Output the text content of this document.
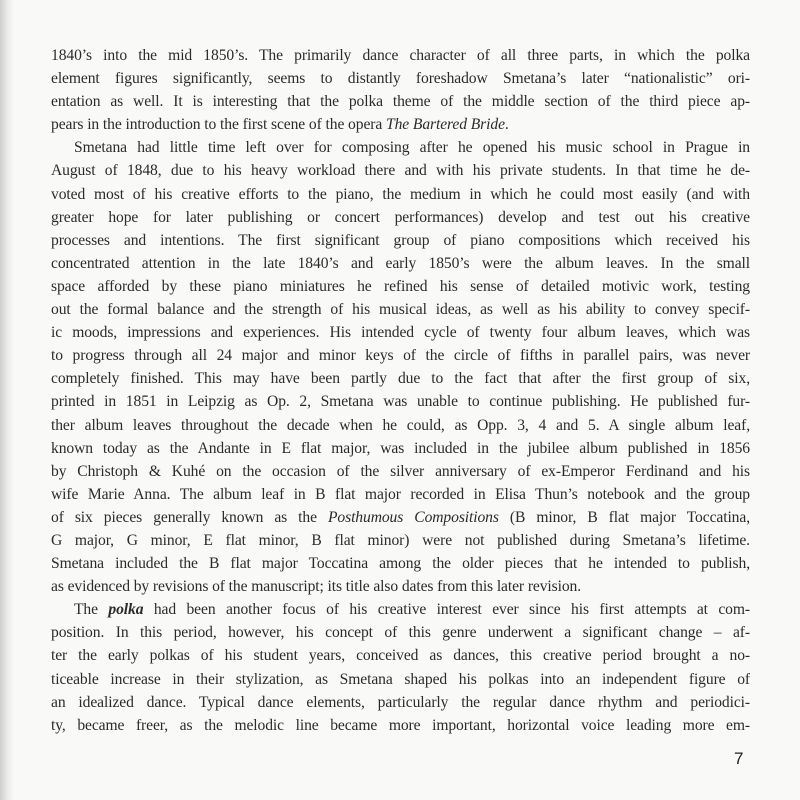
1840’s into the mid 1850’s. The primarily dance character of all three parts, in which the polka
element figures significantly, seems to distantly foreshadow Smetana’s later “nationalistic” ori-
entation as well. It is interesting that the polka theme of the middle section of the third piece ap-
pears in the introduction to the first scene of the opera The Bartered Bride.
Smetana had little time left over for composing after he opened his music school in Prague in
August of 1848, due to his heavy workload there and with his private students. In that time he de-
voted most of his creative efforts to the piano, the medium in which he could most easily (and with
greater hope for later publishing or concert performances) develop and test out his creative
processes and intentions. The first significant group of piano compositions which received his
concentrated attention in the late 1840’s and early 1850’s were the album leaves. In the small
space afforded by these piano miniatures he refined his sense of detailed motivic work, testing
out the formal balance and the strength of his musical ideas, as well as his ability to convey specif-
ic moods, impressions and experiences. His intended cycle of twenty four album leaves, which was
to progress through all 24 major and minor keys of the circle of fifths in parallel pairs, was never
completely finished. This may have been partly due to the fact that after the first group of six,
printed in 1851 in Leipzig as Op. 2, Smetana was unable to continue publishing. He published fur-
ther album leaves throughout the decade when he could, as Opp. 3, 4 and 5. A single album leaf,
known today as the Andante in E flat major, was included in the jubilee album published in 1856
by Christoph & Kuhé on the occasion of the silver anniversary of ex-Emperor Ferdinand and his
wife Marie Anna. The album leaf in B flat major recorded in Elisa Thun’s notebook and the group
of six pieces generally known as the Posthumous Compositions (B minor, B flat major Toccatina,
G major, G minor, E flat minor, B flat minor) were not published during Smetana’s lifetime.
Smetana included the B flat major Toccatina among the older pieces that he intended to publish,
as evidenced by revisions of the manuscript; its title also dates from this later revision.
The polka had been another focus of his creative interest ever since his first attempts at com-
position. In this period, however, his concept of this genre underwent a significant change – af-
ter the early polkas of his student years, conceived as dances, this creative period brought a no-
ticeable increase in their stylization, as Smetana shaped his polkas into an independent figure of
an idealized dance. Typical dance elements, particularly the regular dance rhythm and periodici-
ty, became freer, as the melodic line became more important, horizontal voice leading more em-
7
